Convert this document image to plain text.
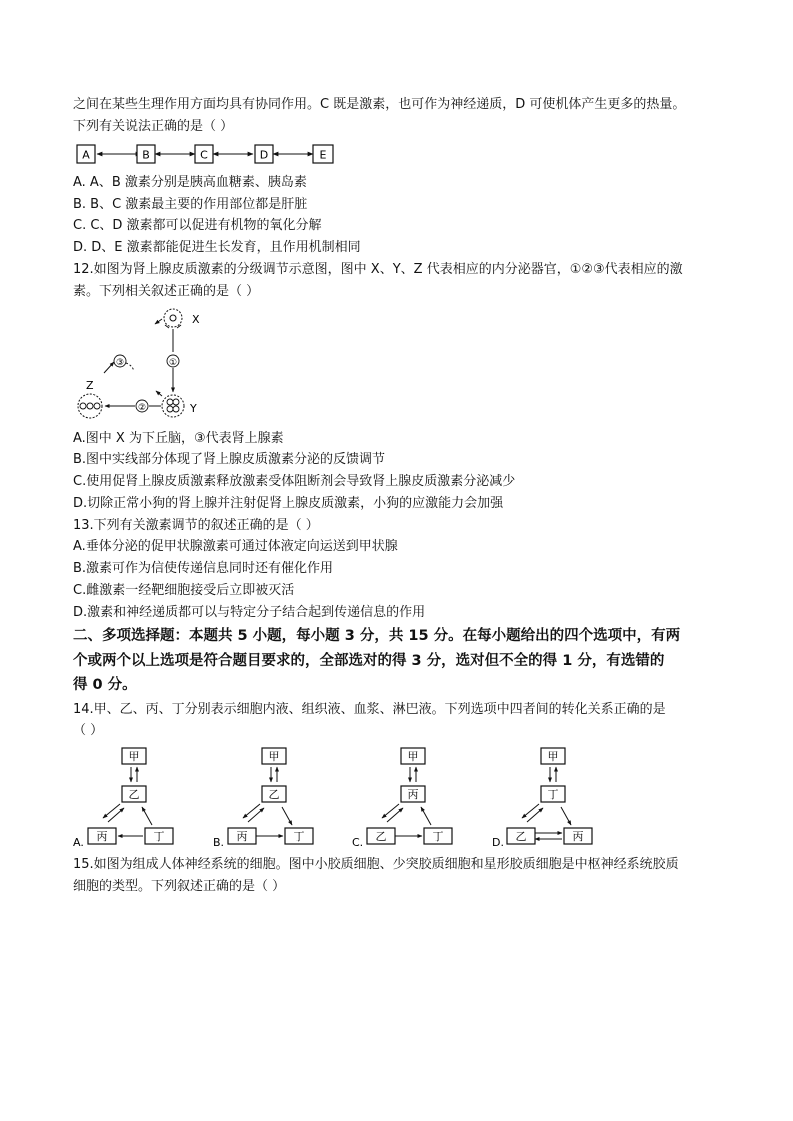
之间在某些生理作用方面均具有协同作用。C 既是激素，也可作为神经递质，D 可使机体产生更多的热量。
下列有关说法正确的是（ ）
A	B	C	D	E
A. A、B 激素分别是胰高血糖素、胰岛素
B. B、C 激素最主要的作用部位都是肝脏
C. C、D 激素都可以促进有机物的氧化分解
D. D、E 激素都能促进生长发育，且作用机制相同
12.如图为肾上腺皮质激素的分级调节示意图，图中 X、Y、Z 代表相应的内分泌器官，①②③代表相应的激
素。下列相关叙述正确的是（ ）
X
①
Y
②
Z
③
A.图中 X 为下丘脑，③代表肾上腺素
B.图中实线部分体现了肾上腺皮质激素分泌的反馈调节
C.使用促肾上腺皮质激素释放激素受体阻断剂会导致肾上腺皮质激素分泌减少
D.切除正常小狗的肾上腺并注射促肾上腺皮质激素，小狗的应激能力会加强
13.下列有关激素调节的叙述正确的是（ ）
A.垂体分泌的促甲状腺激素可通过体液定向运送到甲状腺
B.激素可作为信使传递信息同时还有催化作用
C.雌激素一经靶细胞接受后立即被灭活
D.激素和神经递质都可以与特定分子结合起到传递信息的作用
二、多项选择题：本题共 5 小题，每小题 3 分，共 15 分。在每小题给出的四个选项中，有两
个或两个以上选项是符合题目要求的，全部选对的得 3 分，选对但不全的得 1 分，有选错的
得 0 分。
14.甲、乙、丙、丁分别表示细胞内液、组织液、血浆、淋巴液。下列选项中四者间的转化关系正确的是
（ ）
甲
乙
丙	丁
A.
甲
乙
丙	丁
B.
甲
丙
乙	丁
C.
甲
丁
乙	丙
D.
15.如图为组成人体神经系统的细胞。图中小胶质细胞、少突胶质细胞和星形胶质细胞是中枢神经系统胶质
细胞的类型。下列叙述正确的是（ ）
